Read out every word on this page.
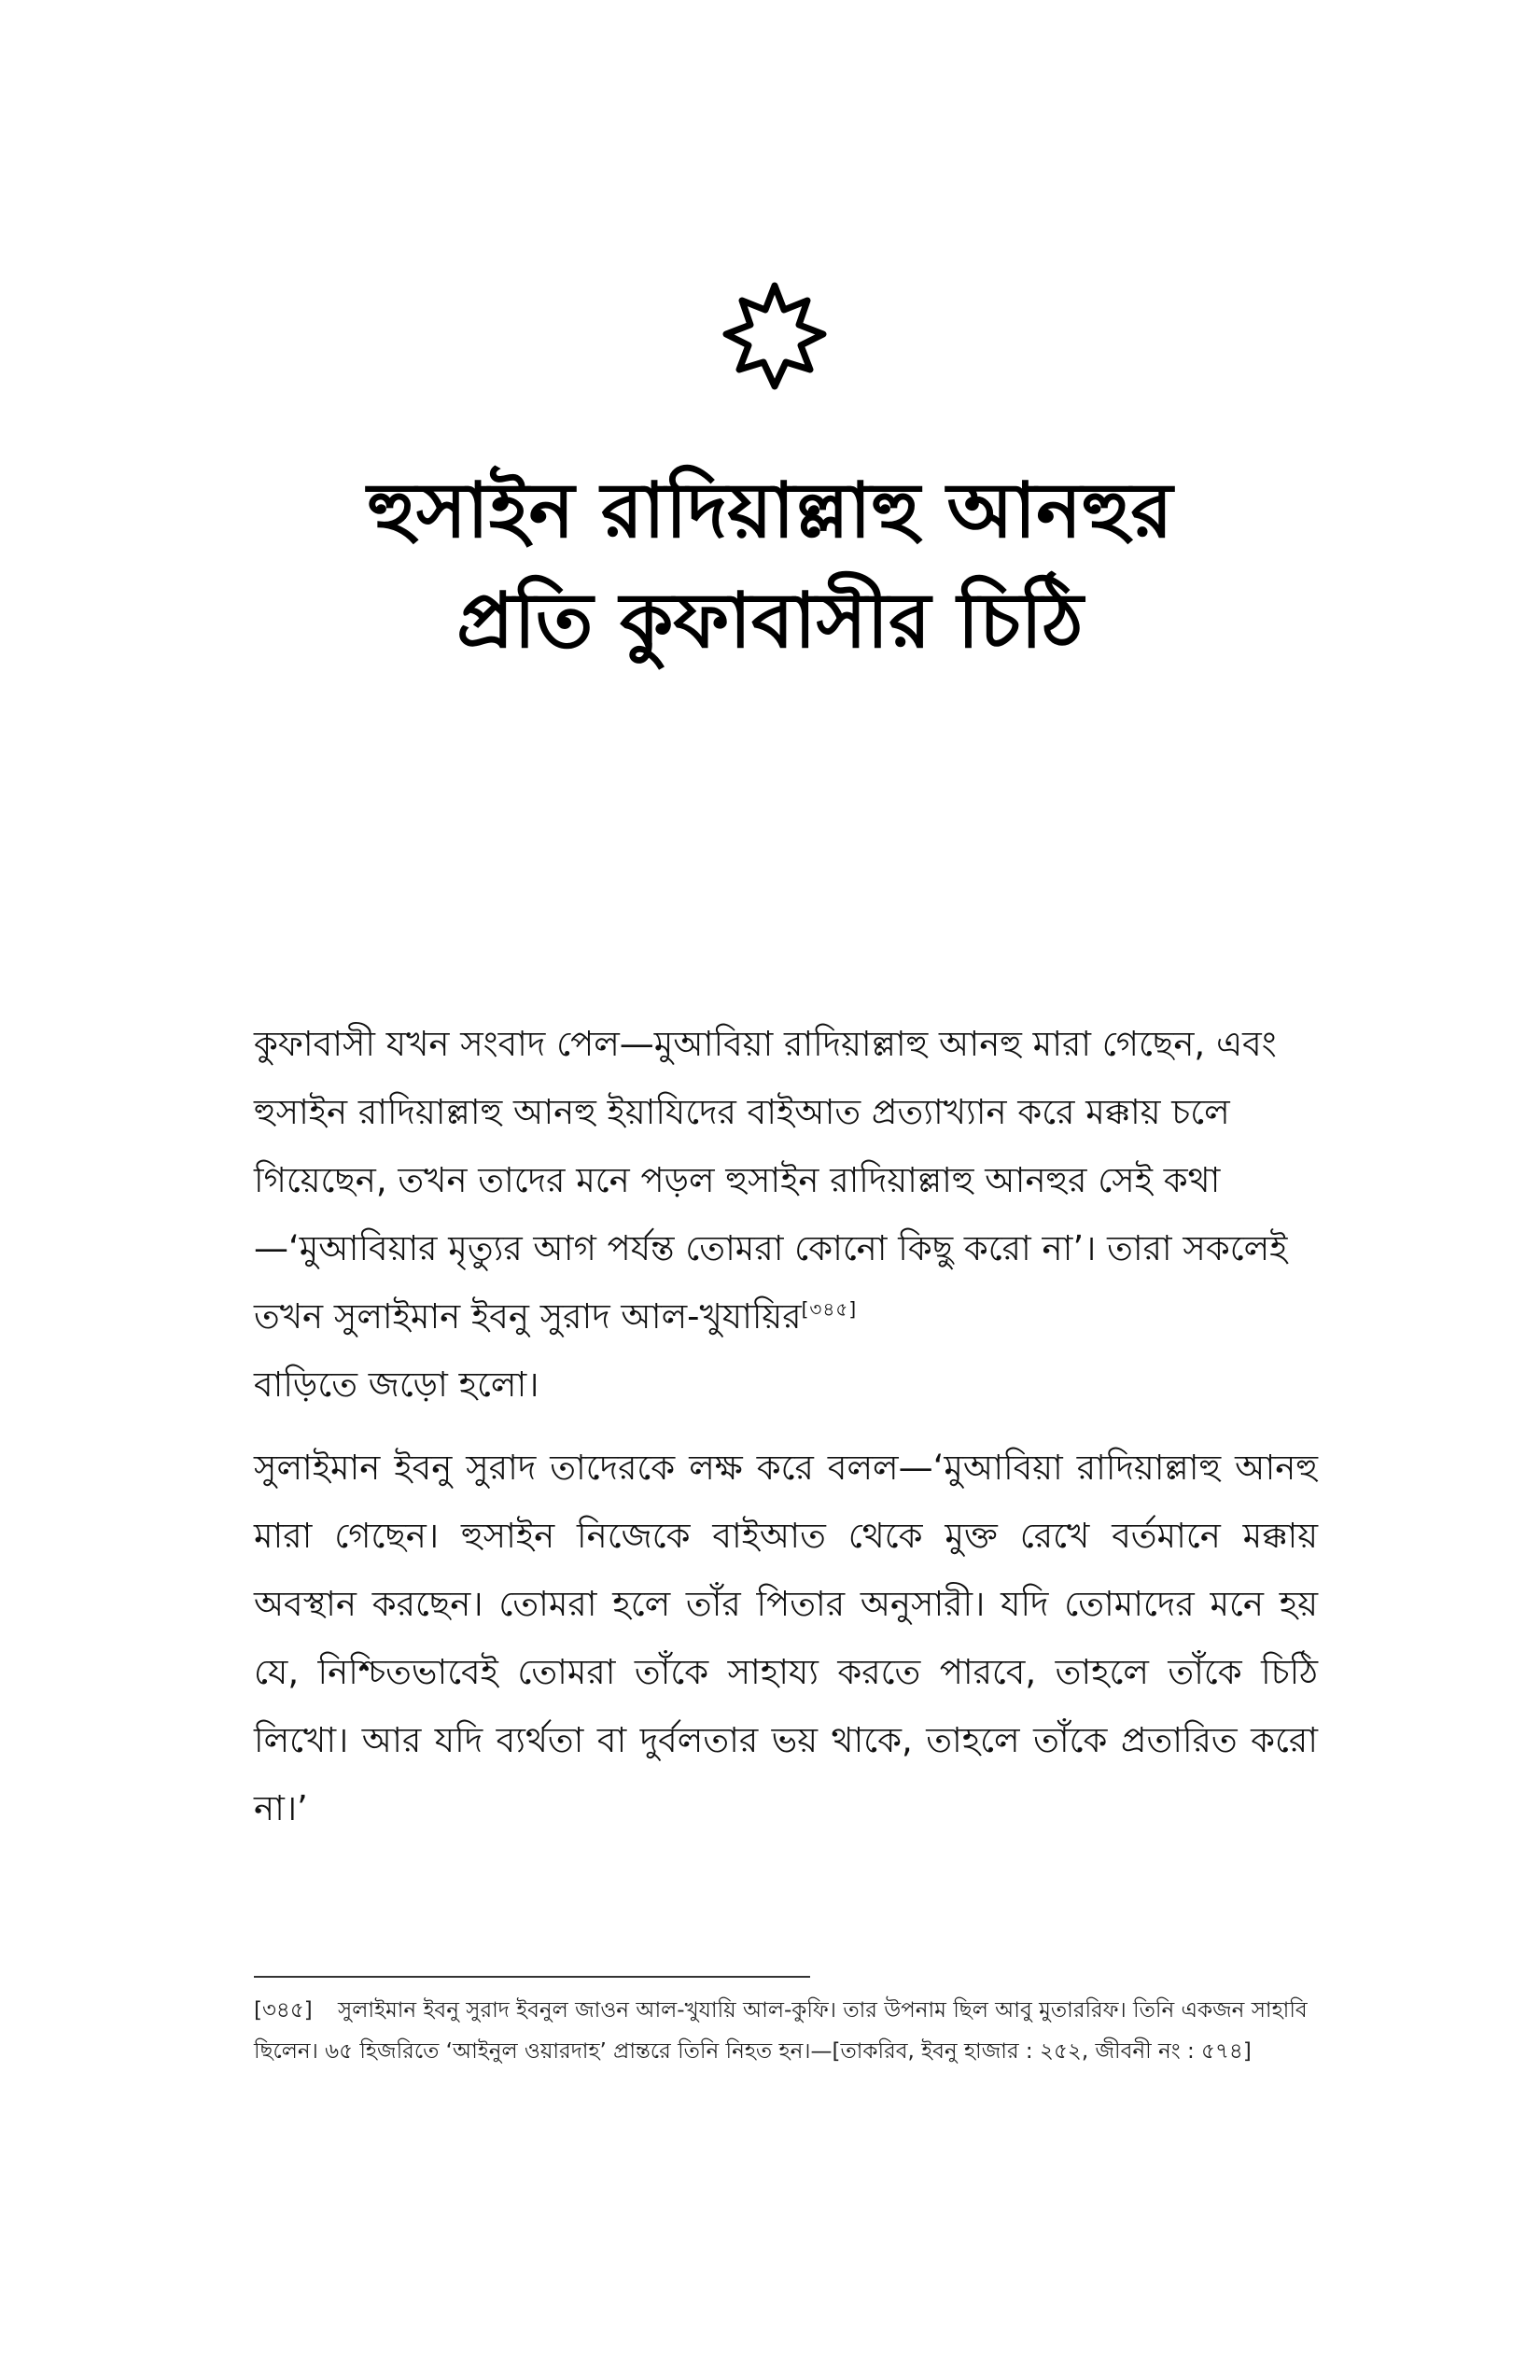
হুসাইন রাদিয়াল্লাহু আনহুর
প্রতি কুফাবাসীর চিঠি

কুফাবাসী যখন সংবাদ পেল—মুআবিয়া রাদিয়াল্লাহু আনহু মারা গেছেন, এবং হুসাইন রাদিয়াল্লাহু আনহু ইয়াযিদের বাইআত প্রত্যাখ্যান করে মক্কায় চলে গিয়েছেন, তখন তাদের মনে পড়ল হুসাইন রাদিয়াল্লাহু আনহুর সেই কথা—‘মুআবিয়ার মৃত্যুর আগ পর্যন্ত তোমরা কোনো কিছু করো না’। তারা সকলেই তখন সুলাইমান ইবনু সুরাদ আল-খুযায়ির[৩৪৫]
বাড়িতে জড়ো হলো।

সুলাইমান ইবনু সুরাদ তাদেরকে লক্ষ করে বলল—‘মুআবিয়া রাদিয়াল্লাহু আনহু মারা গেছেন। হুসাইন নিজেকে বাইআত থেকে মুক্ত রেখে বর্তমানে মক্কায় অবস্থান করছেন। তোমরা হলে তাঁর পিতার অনুসারী। যদি তোমাদের মনে হয় যে, নিশ্চিতভাবেই তোমরা তাঁকে সাহায্য করতে পারবে, তাহলে তাঁকে চিঠি লিখো। আর যদি ব্যর্থতা বা দুর্বলতার ভয় থাকে, তাহলে তাঁকে প্রতারিত করো না।’

[৩৪৫] সুলাইমান ইবনু সুরাদ ইবনুল জাওন আল-খুযায়ি আল-কুফি। তার উপনাম ছিল আবু মুতাররিফ। তিনি একজন সাহাবি ছিলেন। ৬৫ হিজরিতে ‘আইনুল ওয়ারদাহ’ প্রান্তরে তিনি নিহত হন।—[তাকরিব, ইবনু হাজার : ২৫২, জীবনী নং : ৫৭৪]
